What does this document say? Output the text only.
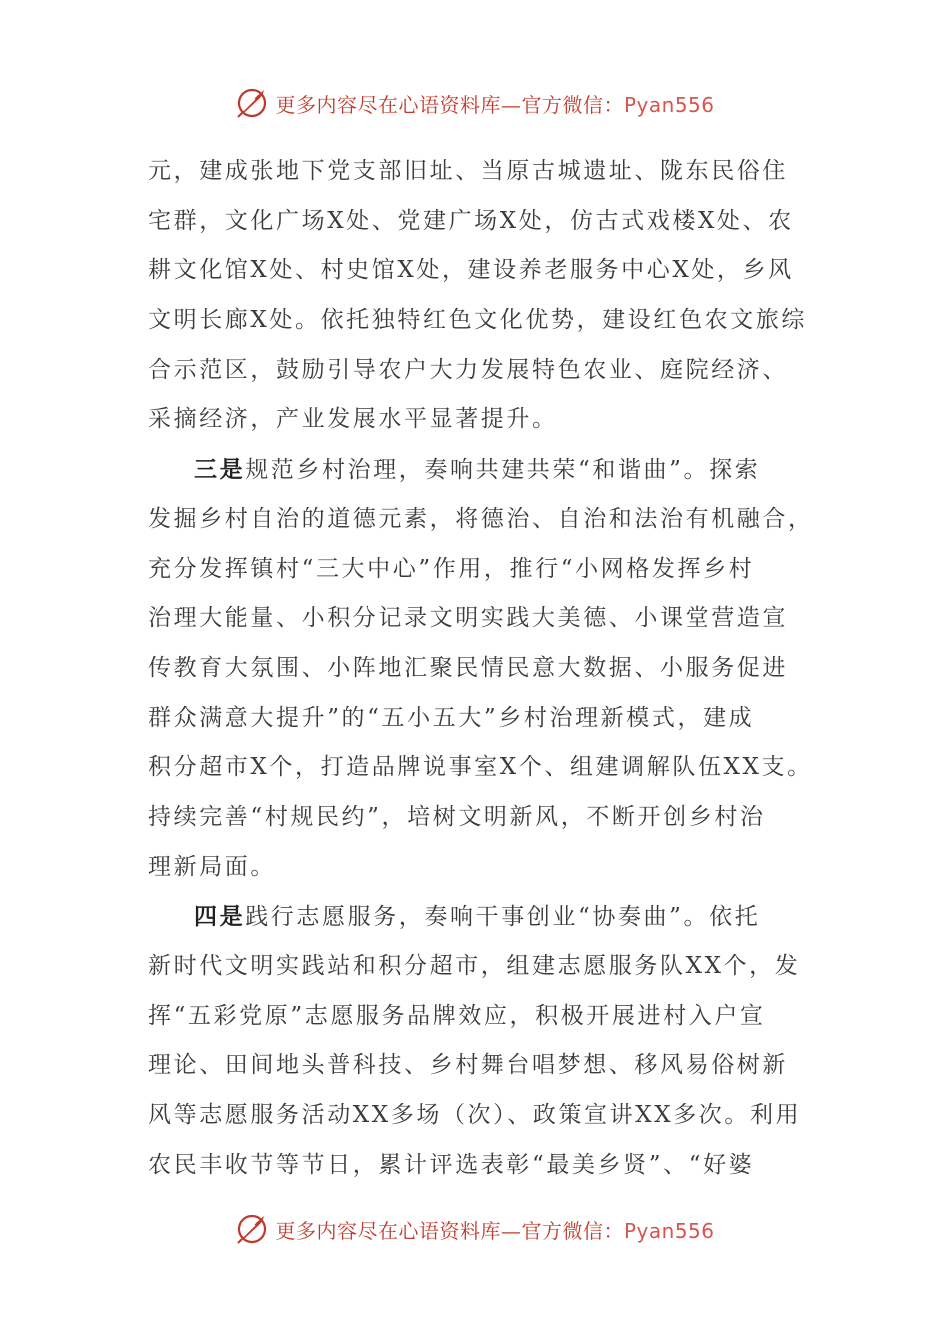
更多内容尽在心语资料库—官方微信：Pyan556
元，建成张地下党支部旧址、当原古城遗址、陇东民俗住
宅群，文化广场X处、党建广场X处，仿古式戏楼X处、农
耕文化馆X处、村史馆X处，建设养老服务中心X处，乡风
文明长廊X处。依托独特红色文化优势，建设红色农文旅综
合示范区，鼓励引导农户大力发展特色农业、庭院经济、
采摘经济，产业发展水平显著提升。
三是规范乡村治理，奏响共建共荣“和谐曲”。探索
发掘乡村自治的道德元素，将德治、自治和法治有机融合，
充分发挥镇村“三大中心”作用，推行“小网格发挥乡村
治理大能量、小积分记录文明实践大美德、小课堂营造宣
传教育大氛围、小阵地汇聚民情民意大数据、小服务促进
群众满意大提升”的“五小五大”乡村治理新模式，建成
积分超市X个，打造品牌说事室X个、组建调解队伍XX支。
持续完善“村规民约”，培树文明新风，不断开创乡村治
理新局面。
四是践行志愿服务，奏响干事创业“协奏曲”。依托
新时代文明实践站和积分超市，组建志愿服务队XX个，发
挥“五彩党原”志愿服务品牌效应，积极开展进村入户宣
理论、田间地头普科技、乡村舞台唱梦想、移风易俗树新
风等志愿服务活动XX多场（次）、政策宣讲XX多次。利用
农民丰收节等节日，累计评选表彰“最美乡贤”、“好婆
更多内容尽在心语资料库—官方微信：Pyan556
